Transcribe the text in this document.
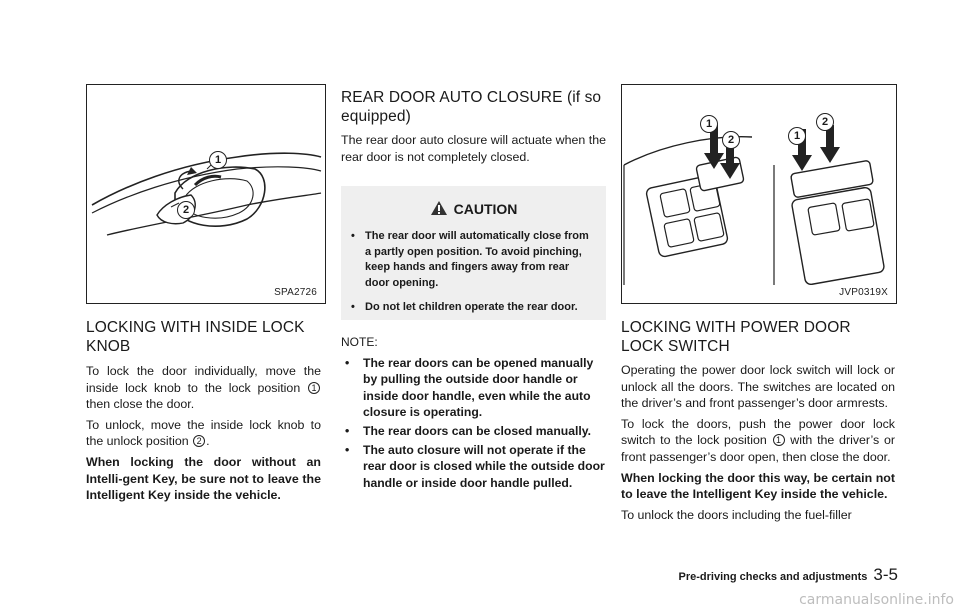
1
2
SPA2726
LOCKING WITH INSIDE LOCK KNOB

To lock the door individually, move the inside lock knob to the lock position 1 then close the door.

To unlock, move the inside lock knob to the unlock position 2 .

When locking the door without an Intelli-gent Key, be sure not to leave the Intelligent Key inside the vehicle.

REAR DOOR AUTO CLOSURE (if so equipped)

The rear door auto closure will actuate when the rear door is not completely closed.

CAUTION
• The rear door will automatically close from a partly open position. To avoid pinching, keep hands and fingers away from rear door opening.
• Do not let children operate the rear door.

NOTE:

• The rear doors can be opened manually by pulling the outside door handle or inside door handle, even while the auto closure is operating.
• The rear doors can be closed manually.
• The auto closure will not operate if the rear door is closed while the outside door handle or inside door handle pulled.
1
2	1
2
JVP0319X
LOCKING WITH POWER DOOR LOCK SWITCH

Operating the power door lock switch will lock or unlock all the doors. The switches are located on the driver’s and front passenger’s door armrests.

To lock the doors, push the power door lock switch to the lock position 1 with the driver’s or front passenger’s door open, then close the door.

When locking the door this way, be certain not to leave the Intelligent Key inside the vehicle.

To unlock the doors including the fuel-filler

Pre-driving checks and adjustments 3-5
carmanualsonline.info
